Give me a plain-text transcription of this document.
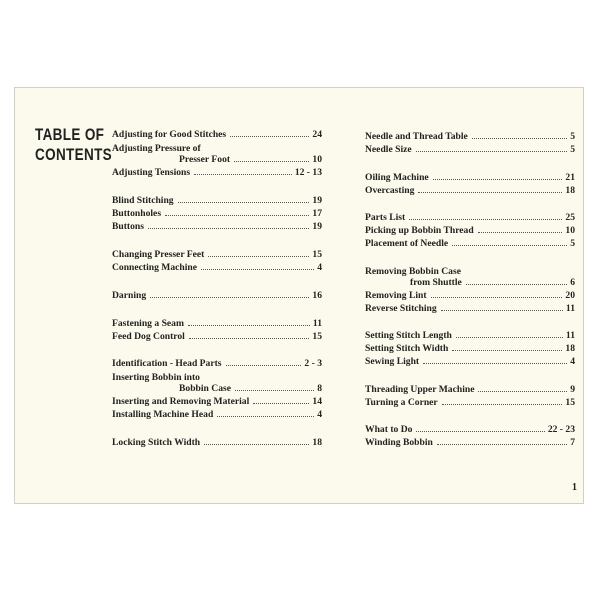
TABLE OF
CONTENTS
Adjusting for Good Stitches	24
Adjusting Pressure of
Presser Foot	10
Adjusting Tensions	12 - 13
Blind Stitching	19
Buttonholes	17
Buttons	19
Changing Presser Feet	15
Connecting Machine	4
Darning	16
Fastening a Seam	11
Feed Dog Control	15
Identification - Head Parts	2 - 3
Inserting Bobbin into
Bobbin Case	8
Inserting and Removing Material	14
Installing Machine Head	4
Locking Stitch Width	18
Needle and Thread Table	5
Needle Size	5
Oiling Machine	21
Overcasting	18
Parts List	25
Picking up Bobbin Thread	10
Placement of Needle	5
Removing Bobbin Case
from Shuttle	6
Removing Lint	20
Reverse Stitching	11
Setting Stitch Length	11
Setting Stitch Width	18
Sewing Light	4
Threading Upper Machine	9
Turning a Corner	15
What to Do	22 - 23
Winding Bobbin	7
1
